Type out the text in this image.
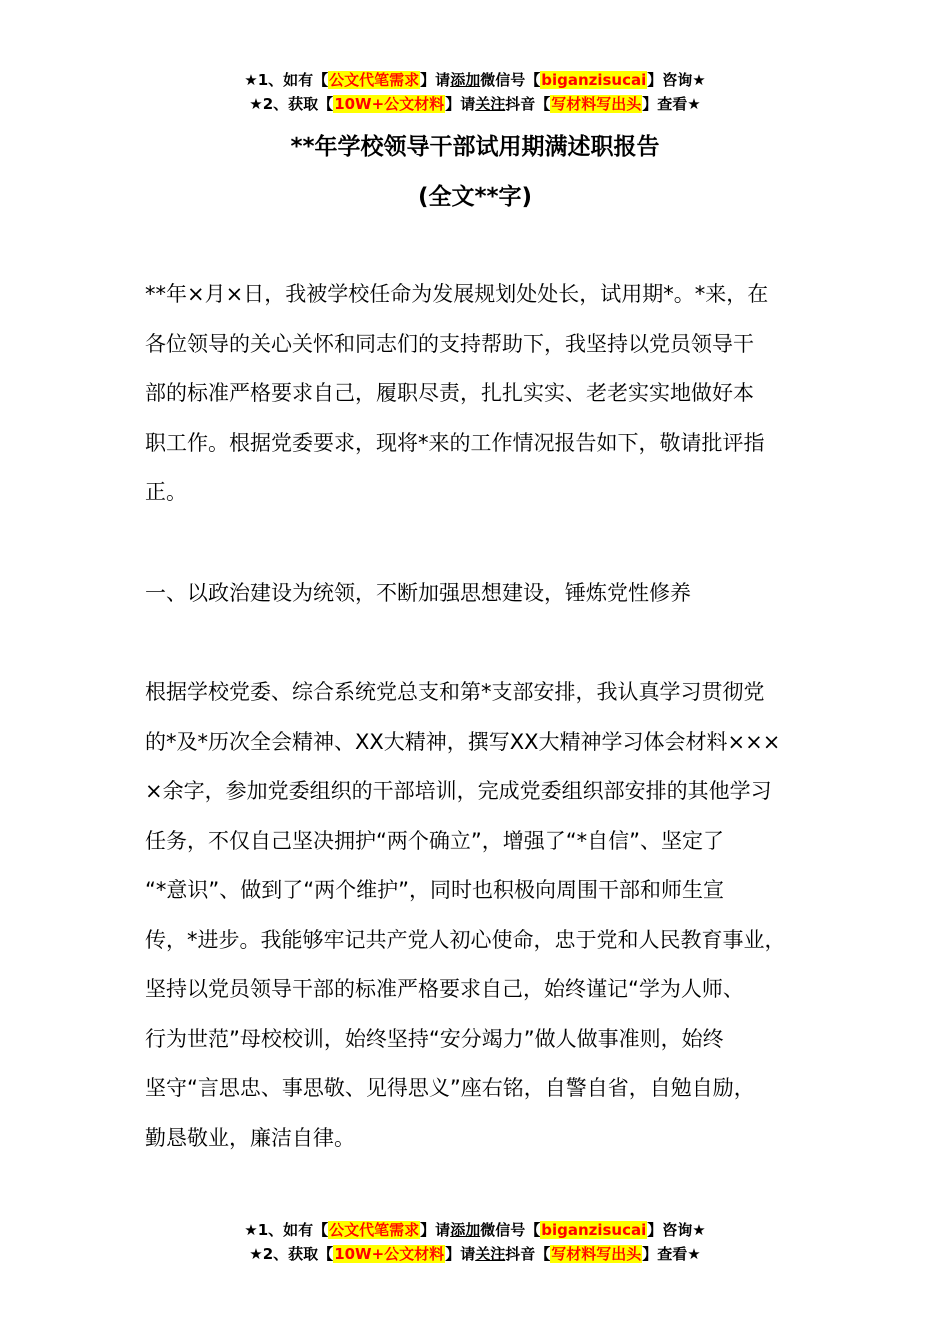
★1、如有【公文代笔需求】请添加微信号【biganzisucai】咨询★
★2、获取【10W+公文材料】请关注抖音【写材料写出头】查看★
**年学校领导干部试用期满述职报告
(全文**字)
**年×月×日，我被学校任命为发展规划处处长，试用期*。*来，在
各位领导的关心关怀和同志们的支持帮助下，我坚持以党员领导干
部的标准严格要求自己，履职尽责，扎扎实实、老老实实地做好本
职工作。根据党委要求，现将*来的工作情况报告如下，敬请批评指
正。
一、以政治建设为统领，不断加强思想建设，锤炼党性修养
根据学校党委、综合系统党总支和第*支部安排，我认真学习贯彻党
的*及*历次全会精神、XX大精神，撰写XX大精神学习体会材料×××
×余字，参加党委组织的干部培训，完成党委组织部安排的其他学习
任务，不仅自己坚决拥护“两个确立”，增强了“*自信”、坚定了
“*意识”、做到了“两个维护”，同时也积极向周围干部和师生宣
传，*进步。我能够牢记共产党人初心使命，忠于党和人民教育事业，
坚持以党员领导干部的标准严格要求自己，始终谨记“学为人师、
行为世范”母校校训，始终坚持“安分竭力”做人做事准则，始终
坚守“言思忠、事思敬、见得思义”座右铭，自警自省，自勉自励，
勤恳敬业，廉洁自律。
★1、如有【公文代笔需求】请添加微信号【biganzisucai】咨询★
★2、获取【10W+公文材料】请关注抖音【写材料写出头】查看★
